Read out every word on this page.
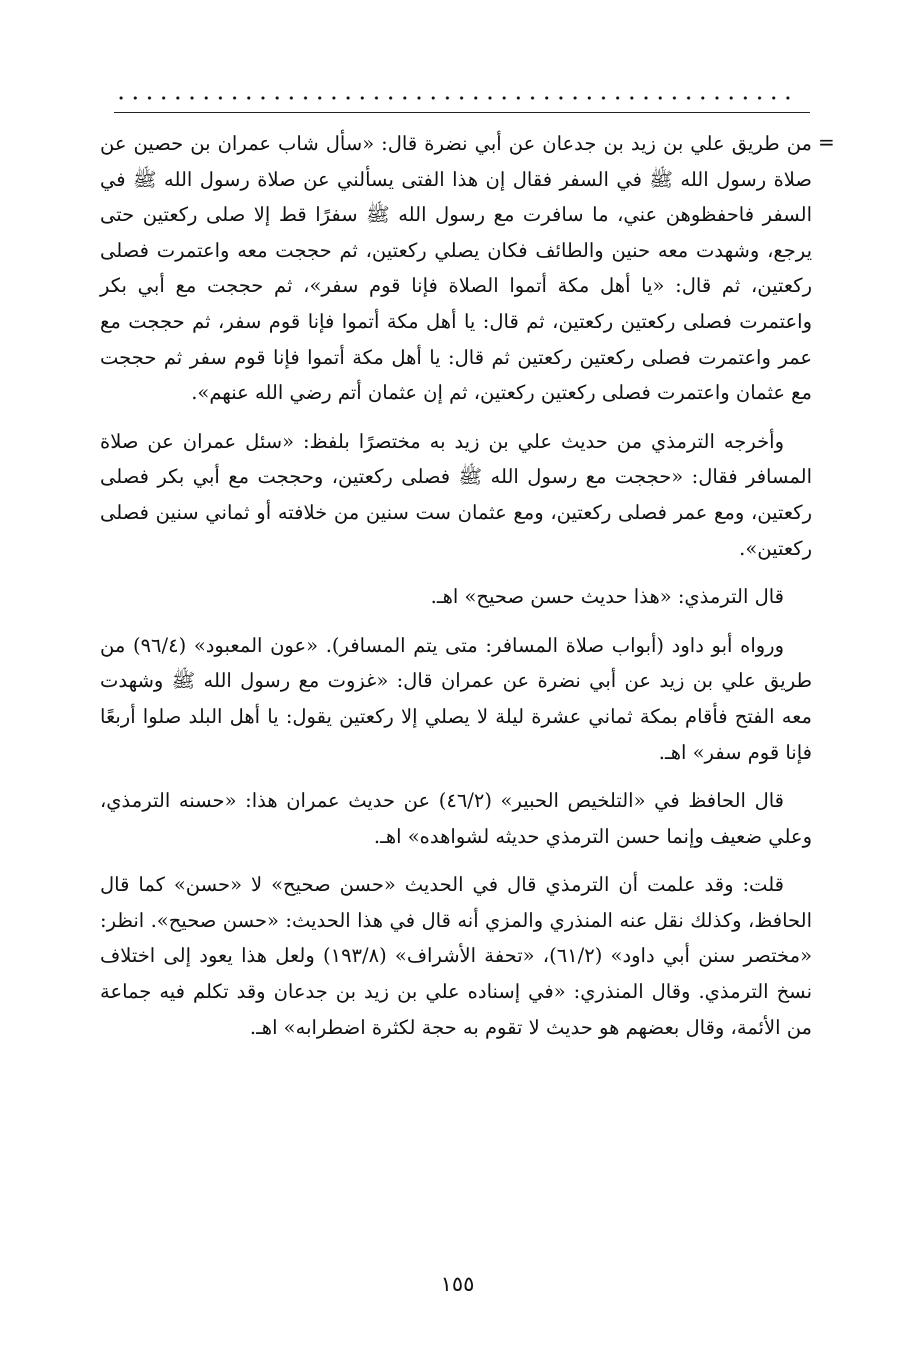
=

من طريق علي بن زيد بن جدعان عن أبي نضرة قال: «سأل شاب عمران بن حصين عن صلاة رسول الله ﷺ في السفر فقال إن هذا الفتى يسألني عن صلاة رسول الله ﷺ في السفر فاحفظوهن عني، ما سافرت مع رسول الله ﷺ سفرًا قط إلا صلى ركعتين حتى يرجع، وشهدت معه حنين والطائف فكان يصلي ركعتين، ثم حججت معه واعتمرت فصلى ركعتين، ثم قال: «يا أهل مكة أتموا الصلاة فإنا قوم سفر»، ثم حججت مع أبي بكر واعتمرت فصلى ركعتين ركعتين، ثم قال: يا أهل مكة أتموا فإنا قوم سفر، ثم حججت مع عمر واعتمرت فصلى ركعتين ركعتين ثم قال: يا أهل مكة أتموا فإنا قوم سفر ثم حججت مع عثمان واعتمرت فصلى ركعتين ركعتين، ثم إن عثمان أتم رضي الله عنهم».

وأخرجه الترمذي من حديث علي بن زيد به مختصرًا بلفظ: «سئل عمران عن صلاة المسافر فقال: «حججت مع رسول الله ﷺ فصلى ركعتين، وحججت مع أبي بكر فصلى ركعتين، ومع عمر فصلى ركعتين، ومع عثمان ست سنين من خلافته أو ثماني سنين فصلى ركعتين».

قال الترمذي: «هذا حديث حسن صحيح» اهـ.

ورواه أبو داود (أبواب صلاة المسافر: متى يتم المسافر). «عون المعبود» (٩٦/٤) من طريق علي بن زيد عن أبي نضرة عن عمران قال: «غزوت مع رسول الله ﷺ وشهدت معه الفتح فأقام بمكة ثماني عشرة ليلة لا يصلي إلا ركعتين يقول: يا أهل البلد صلوا أربعًا فإنا قوم سفر» اهـ.

قال الحافظ في «التلخيص الحبير» (٤٦/٢) عن حديث عمران هذا: «حسنه الترمذي، وعلي ضعيف وإنما حسن الترمذي حديثه لشواهده» اهـ.

قلت: وقد علمت أن الترمذي قال في الحديث «حسن صحيح» لا «حسن» كما قال الحافظ، وكذلك نقل عنه المنذري والمزي أنه قال في هذا الحديث: «حسن صحيح». انظر: «مختصر سنن أبي داود» (٦١/٢)، «تحفة الأشراف» (١٩٣/٨) ولعل هذا يعود إلى اختلاف نسخ الترمذي. وقال المنذري: «في إسناده علي بن زيد بن جدعان وقد تكلم فيه جماعة من الأئمة، وقال بعضهم هو حديث لا تقوم به حجة لكثرة اضطرابه» اهـ.

١٥٥
